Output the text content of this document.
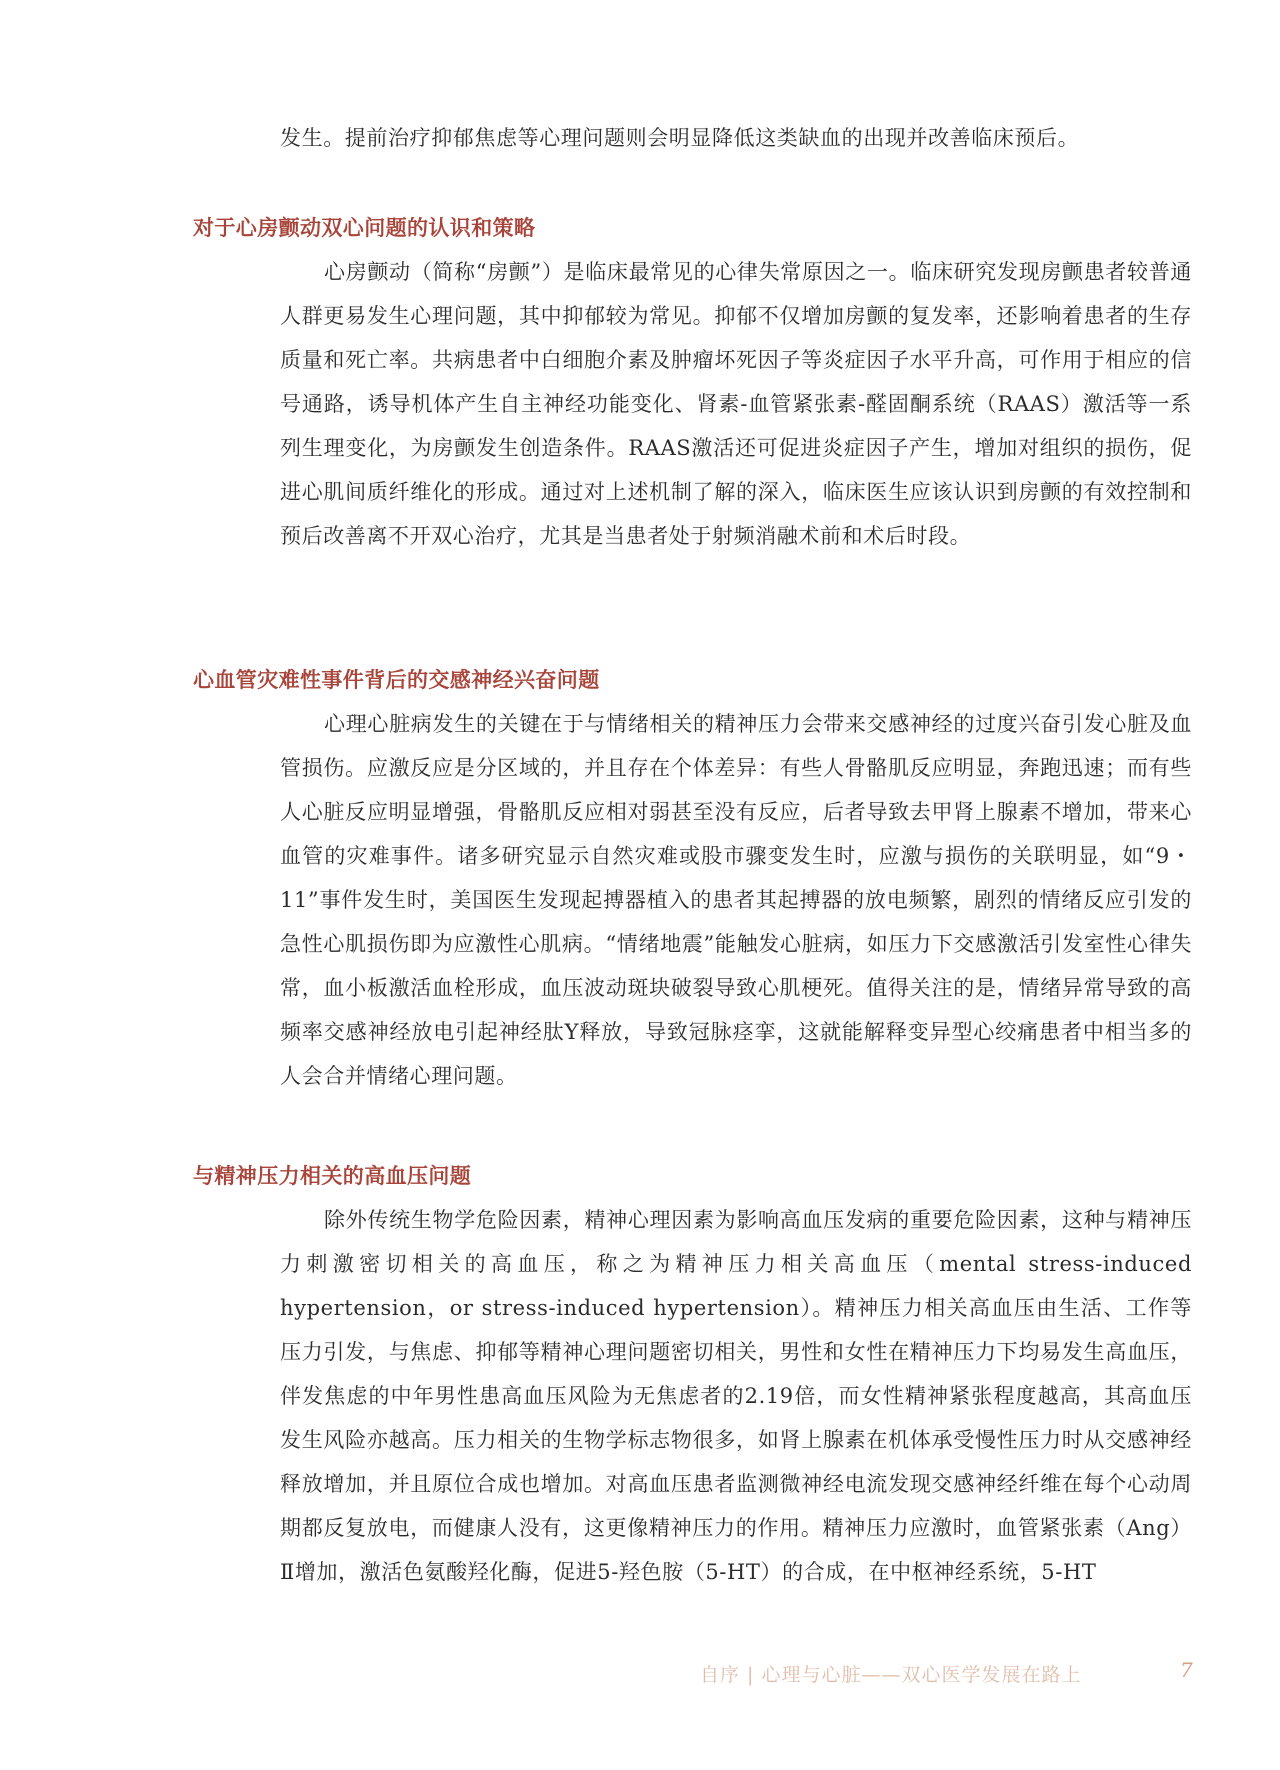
发生。提前治疗抑郁焦虑等心理问题则会明显降低这类缺血的出现并改善临床预后。
对于心房颤动双心问题的认识和策略
心房颤动（简称“房颤”）是临床最常见的心律失常原因之一。临床研究发现房颤患者较普通人群更易发生心理问题，其中抑郁较为常见。抑郁不仅增加房颤的复发率，还影响着患者的生存质量和死亡率。共病患者中白细胞介素及肿瘤坏死因子等炎症因子水平升高，可作用于相应的信号通路，诱导机体产生自主神经功能变化、肾素-血管紧张素-醛固酮系统（RAAS）激活等一系列生理变化，为房颤发生创造条件。RAAS激活还可促进炎症因子产生，增加对组织的损伤，促进心肌间质纤维化的形成。通过对上述机制了解的深入，临床医生应该认识到房颤的有效控制和预后改善离不开双心治疗，尤其是当患者处于射频消融术前和术后时段。
心血管灾难性事件背后的交感神经兴奋问题
心理心脏病发生的关键在于与情绪相关的精神压力会带来交感神经的过度兴奋引发心脏及血管损伤。应激反应是分区域的，并且存在个体差异：有些人骨骼肌反应明显，奔跑迅速；而有些人心脏反应明显增强，骨骼肌反应相对弱甚至没有反应，后者导致去甲肾上腺素不增加，带来心血管的灾难事件。诸多研究显示自然灾难或股市骤变发生时，应激与损伤的关联明显，如“9・11”事件发生时，美国医生发现起搏器植入的患者其起搏器的放电频繁，剧烈的情绪反应引发的急性心肌损伤即为应激性心肌病。“情绪地震”能触发心脏病，如压力下交感激活引发室性心律失常，血小板激活血栓形成，血压波动斑块破裂导致心肌梗死。值得关注的是，情绪异常导致的高频率交感神经放电引起神经肽Y释放，导致冠脉痉挛，这就能解释变异型心绞痛患者中相当多的人会合并情绪心理问题。
与精神压力相关的高血压问题
除外传统生物学危险因素，精神心理因素为影响高血压发病的重要危险因素，这种与精神压力刺激密切相关的高血压，称之为精神压力相关高血压（mental stress-induced hypertension，or stress-induced hypertension）。精神压力相关高血压由生活、工作等压力引发，与焦虑、抑郁等精神心理问题密切相关，男性和女性在精神压力下均易发生高血压，伴发焦虑的中年男性患高血压风险为无焦虑者的2.19倍，而女性精神紧张程度越高，其高血压发生风险亦越高。压力相关的生物学标志物很多，如肾上腺素在机体承受慢性压力时从交感神经释放增加，并且原位合成也增加。对高血压患者监测微神经电流发现交感神经纤维在每个心动周期都反复放电，而健康人没有，这更像精神压力的作用。精神压力应激时，血管紧张素（Ang）Ⅱ增加，激活色氨酸羟化酶，促进5-羟色胺（5-HT）的合成，在中枢神经系统，5-HT
自序 | 心理与心脏——双心医学发展在路上	7
